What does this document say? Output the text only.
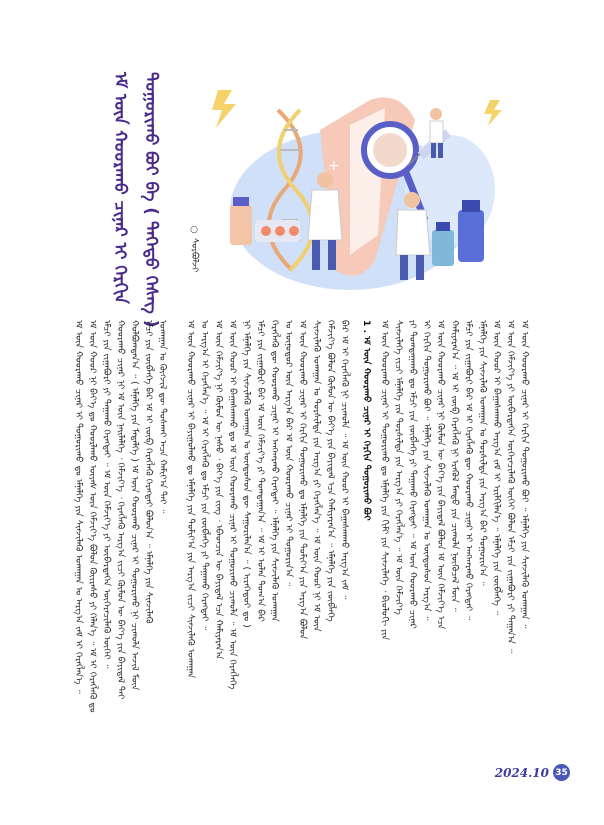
ᠡᠮ ᠦᠨ ᠬᠣᠣᠷᠠᠬᠤ ᠴᠢᠨᠠᠷ ᠢ ᠬᠡᠷᠬᠢᠨ ᠲᠤᠭᠤᠷᠢᠬᠤ ᠪᠤᠢ ᠪᠡ ( ᠳᠡᠭᠡᠳᠦ ᠬᠡᠰᠡᠭ )	○ ᠰᠤᠷᠪᠤᠯᠵᠢ
+
ᠡᠮ ᠦᠨ ᠬᠣᠣᠷᠠᠬᠤ ᠴᠢᠨᠠᠷ ᠢ ᠲᠣᠭᠣᠷᠢᠬᠤ ᠳᠤ ᠡᠮᠨᠡᠯᠭᠡ ᠶᠢᠨ ᠰᠢᠨᠵᠢᠯᠡᠬᠦ ᠤᠬᠠᠭᠠᠨ ᠤ ᠠᠷᠭ᠎ᠠ ᠵᠠᠮ ᠢ ᠬᠡᠷᠡᠭᠯᠡᠨ᠎ᠡ ᠃ ᠡᠮ ᠦᠨ ᠬᠣᠣᠷ ᠨᠢ ᠪᠡᠶ᠎ᠡ ᠳᠤ ᠬᠣᠣᠷᠯᠠᠬᠤ ᠦᠶᠡᠰ ᠦᠨ ᠬᠡᠮᠵᠢᠶ᠎ᠡ ᠪᠣᠯᠤᠨ ᠬᠦᠢᠷᠡᠰᠦ ᠶᠢ ᠬᠡᠯᠡᠨ᠎ᠡ ᠃ ᠡᠮ ᠢ ᠬᠡᠷᠡᠭᠯᠡᠬᠦ ᠳᠤ ᠡᠮᠴᠢ ᠶᠢᠨ ᠵᠢᠭᠠᠪᠤᠷᠢ ᠶᠢ ᠳᠠᠭᠠᠬᠤ ᠬᠡᠷᠡᠭᠳᠡᠢ ᠃ ᠡᠮ ᠦᠨ ᠬᠡᠮᠵᠢᠶ᠎ᠡ ᠶᠢ ᠥᠪᠡᠷᠲᠡᠭᠡᠨ ᠥᠭᠡᠷᠡᠴᠢᠯᠡᠬᠦ ᠦᠭᠡᠢ ᠃ ᠬᠣᠣᠷᠠᠬᠤ ᠴᠢᠨᠠᠷ ᠨᠢ ᠡᠮ ᠦᠨ ᠨᠡᠢᠯᠡᠯᠭᠡ ᠂ ᠬᠡᠮᠵᠢᠶ᠎ᠡ ᠂ ᠬᠡᠷᠡᠭᠯᠡᠬᠦ ᠠᠷᠭ᠎ᠠ ᠵᠢᠴᠢ ᠬᠦᠮᠦᠨ ᠦ ᠪᠡᠶ᠎ᠡ ᠶᠢᠨ ᠪᠠᠶᠢᠳᠠᠯ ᠲᠠᠢ ᠬᠣᠯᠪᠣᠭᠳᠠᠨ᠎ᠠ ᠃ ( ᠡᠮᠨᠡᠯᠭᠡ ᠶᠢᠨ ᠮᠡᠳᠡᠯᠭᠡ ) ᠡᠮ ᠦᠨ ᠬᠣᠣᠷᠠᠬᠤ ᠴᠢᠨᠠᠷ ᠢ ᠲᠣᠭᠣᠷᠢᠬᠤ ᠨᠢ ᠴᠢᠬᠤᠯᠠ ᠠᠵᠢᠯ ᠮᠥᠨ ᠡᠮᠴᠢ ᠶᠢᠨ ᠵᠥᠪᠯᠡᠭᠡ ᠪᠡᠷ ᠡᠮ ᠢ ᠵᠥᠪ ᠬᠡᠷᠡᠭᠯᠡᠬᠦ ᠬᠡᠷᠡᠭᠲᠡᠢ ᠪᠣᠯᠤᠨ᠎ᠠ ᠃ ᠡᠮᠨᠡᠯᠭᠡ ᠶᠢᠨ ᠰᠢᠨᠵᠢᠯᠡᠬᠦ ᠤᠬᠠᠭᠠᠨ ᠤ ᠬᠥᠭᠵᠢᠯ ᠳᠦ ᠲᠤᠰᠬᠠᠢ ᠠᠴᠠ ᠬᠠᠮᠢᠶ᠎ᠠ ᠲᠠᠢ ᠃ ᠡᠮ ᠦᠨ ᠬᠣᠣᠷᠠᠬᠤ ᠴᠢᠨᠠᠷ ᠢ ᠪᠠᠶᠢᠭᠤᠯᠬᠤ ᠳᠤ ᠡᠮᠨᠡᠯᠭᠡ ᠶᠢᠨ ᠲᠣᠮᠢᠶ᠎ᠠ ᠶᠢᠨ ᠠᠷᠭ᠎ᠠ ᠵᠢᠴᠢ ᠰᠢᠨᠵᠢᠯᠡᠬᠦ ᠤᠬᠠᠭᠠᠨ ᠤ ᠠᠷᠭ᠎ᠠ ᠢ ᠬᠡᠷᠡᠭᠯᠡᠨ᠎ᠡ ᠃ ᠡᠮ ᠢ ᠬᠡᠷᠡᠭᠯᠡᠬᠦ ᠳᠤ ᠡᠮᠴᠢ ᠶᠢᠨ ᠵᠥᠪᠯᠡᠭᠡ ᠶᠢ ᠳᠠᠭᠠᠬᠤ ᠬᠡᠷᠡᠭᠲᠡᠢ ᠃ ᠡᠮ ᠦᠨ ᠬᠡᠮᠵᠢᠶ᠎ᠡ ᠨᠢ ᠬᠦᠮᠦᠨ ᠦ ᠨᠠᠰᠤ ᠂ ᠪᠡᠶ᠎ᠡ ᠶᠢᠨ ᠵᠢᠩ ᠂ ᠡᠪᠡᠳᠴᠢᠨ ᠦ ᠪᠠᠶᠢᠳᠠᠯ ᠡᠴᠡ ᠬᠠᠮᠢᠶᠠᠷᠠᠨ᠎ᠠ ᠡᠮ ᠦᠨ ᠬᠣᠣᠷ ᠢ ᠪᠠᠭᠠᠰᠭᠠᠬᠤ ᠳᠤ ᠡᠮ ᠦᠨ ᠬᠣᠣᠷᠠᠬᠤ ᠴᠢᠨᠠᠷ ᠢ ᠲᠣᠭᠣᠷᠢᠬᠤ ᠴᠢᠬᠤᠯᠠ ᠃ ᠡᠮ ᠦᠨ ᠬᠡᠷᠡᠭᠯᠡᠭᠡ ᠨᠢ ᠡᠮᠨᠡᠯᠭᠡ ᠶᠢᠨ ᠰᠢᠨᠵᠢᠯᠡᠬᠦ ᠤᠬᠠᠭᠠᠨ ᠤ ᠦᠨᠳᠦᠰᠦᠨ ᠳᠦ ᠰᠠᠭᠤᠷᠢᠯᠠᠨ᠎ᠠ ᠃ ( ᠢᠷᠡᠭᠡᠳᠦᠢ ᠳᠤ ) ᠡᠮᠴᠢ ᠶᠢᠨ ᠵᠢᠭᠠᠪᠤᠷᠢ ᠪᠡᠷ ᠡᠮ ᠦᠨ ᠬᠡᠮᠵᠢᠶ᠎ᠡ ᠶᠢ ᠲᠣᠭᠲᠠᠭᠠᠨ᠎ᠠ ᠃ ᠡᠮ ᠢ ᠣᠯᠠᠨ ᠲᠣᠭ᠎ᠠ ᠪᠠᠷ ᠬᠡᠷᠡᠭᠯᠡᠬᠦ ᠳᠦ ᠬᠣᠣᠷᠠᠬᠤ ᠴᠢᠨᠠᠷ ᠢ ᠠᠩᠬᠠᠷᠬᠤ ᠬᠡᠷᠡᠭᠲᠡᠢ ᠃ ᠡᠮᠨᠡᠯᠭᠡ ᠶᠢᠨ ᠰᠢᠨᠵᠢᠯᠡᠬᠦ ᠤᠬᠠᠭᠠᠨ ᠤ ᠥᠨᠥᠳᠥᠷ ᠦᠨ ᠠᠷᠭ᠎ᠠ ᠪᠠᠷ ᠡᠮ ᠦᠨ ᠬᠣᠣᠷᠠᠬᠤ ᠴᠢᠨᠠᠷ ᠢ ᠲᠣᠭᠣᠷᠢᠨ᠎ᠠ ᠃ ᠡᠮ ᠦᠨ ᠬᠣᠣᠷᠠᠬᠤ ᠴᠢᠨᠠᠷ ᠢ ᠬᠡᠷᠬᠢᠨ ᠲᠣᠭᠣᠷᠢᠬᠤ ᠳᠤ ᠡᠮᠨᠡᠯᠭᠡ ᠶᠢᠨ ᠲᠣᠮᠢᠶ᠎ᠠ ᠶᠢᠨ ᠠᠷᠭ᠎ᠠ ᠪᠣᠯᠤᠨ ᠰᠢᠨᠵᠢᠯᠡᠬᠦ ᠤᠬᠠᠭᠠᠨ ᠤ ᠲᠤᠷᠰᠢᠯᠲᠠ ᠶᠢᠨ ᠠᠷᠭ᠎ᠠ ᠶᠢ ᠬᠡᠷᠡᠭᠯᠡᠨ᠎ᠡ ᠃ ᠡᠮ ᠦᠨ ᠬᠣᠣᠷ ᠨᠢ ᠡᠮ ᠦᠨ ᠬᠡᠮᠵᠢᠶ᠎ᠡ ᠪᠣᠯᠤᠨ ᠬᠦᠮᠦᠨ ᠦ ᠪᠡᠶ᠎ᠡ ᠶᠢᠨ ᠪᠠᠶᠢᠳᠠᠯ ᠡᠴᠡ ᠬᠠᠮᠢᠶᠠᠷᠠᠨ᠎ᠠ ᠃ ᠡᠮᠨᠡᠯᠭᠡ ᠶᠢᠨ ᠵᠥᠪᠯᠡᠭᠡ ᠪᠡᠷ ᠡᠮ ᠢ ᠬᠡᠷᠡᠭᠯᠡᠬᠦ ᠨᠢ ᠴᠢᠬᠤᠯᠠ ᠃ ᠡᠮ ᠦᠨ ᠬᠣᠣᠷ ᠢ ᠪᠠᠭᠠᠰᠭᠠᠬᠤ ᠠᠷᠭ᠎ᠠ ᠵᠠᠮ ᠃ 1 . ᠡᠮ ᠦᠨ ᠬᠣᠣᠷᠠᠬᠤ ᠴᠢᠨᠠᠷ ᠢ ᠬᠡᠷᠬᠢᠨ ᠲᠤᠭᠤᠷᠢᠬᠤ ᠪᠤᠢ ᠡᠮ ᠦᠨ ᠬᠣᠣᠷᠠᠬᠤ ᠴᠢᠨᠠᠷ ᠢ ᠲᠣᠭᠣᠷᠢᠬᠤ ᠳᠤ ᠡᠮᠨᠡᠯᠭᠡ ᠶᠢᠨ ᠬᠢᠮᠢ ᠶᠢᠨ ᠰᠢᠨᠵᠢᠯᠡᠭᠡ ᠂ ᠪᠢᠣᠯᠣᠭᠢ ᠶᠢᠨ ᠰᠢᠨᠵᠢᠯᠡᠭᠡ ᠵᠢᠴᠢ ᠡᠮᠨᠡᠯᠭᠡ ᠶᠢᠨ ᠲᠤᠷᠰᠢᠯᠲᠠ ᠶᠢᠨ ᠠᠷᠭ᠎ᠠ ᠶᠢ ᠬᠡᠷᠡᠭᠯᠡᠨ᠎ᠡ ᠃ ᠡᠮ ᠦᠨ ᠬᠡᠮᠵᠢᠶ᠎ᠡ ᠶᠢ ᠲᠣᠭᠲᠠᠭᠠᠬᠤ ᠳᠤ ᠡᠮᠴᠢ ᠶᠢᠨ ᠵᠥᠪᠯᠡᠭᠡ ᠶᠢ ᠳᠠᠭᠠᠬᠤ ᠬᠡᠷᠡᠭᠲᠡᠢ ᠃ ᠡᠮ ᠦᠨ ᠬᠣᠣᠷᠠᠬᠤ ᠴᠢᠨᠠᠷ ᠢ ᠬᠡᠷᠬᠢᠨ ᠲᠣᠭᠣᠷᠢᠬᠤ ᠪᠤᠢ ᠃ ᠡᠮᠨᠡᠯᠭᠡ ᠶᠢᠨ ᠰᠢᠨᠵᠢᠯᠡᠬᠦ ᠤᠬᠠᠭᠠᠨ ᠤ ᠦᠨᠳᠦᠰᠦᠨ ᠠᠷᠭ᠎ᠠ ᠃ ᠡᠮ ᠦᠨ ᠬᠣᠣᠷᠠᠬᠤ ᠴᠢᠨᠠᠷ ᠨᠢ ᠬᠦᠮᠦᠨ ᠦ ᠪᠡᠶ᠎ᠡ ᠶᠢᠨ ᠪᠠᠶᠢᠳᠠᠯ ᠪᠣᠯᠤᠨ ᠡᠮ ᠦᠨ ᠬᠡᠮᠵᠢᠶ᠎ᠡ ᠡᠴᠡ ᠬᠠᠮᠢᠶᠠᠷᠠᠨ᠎ᠠ ᠃ ᠡᠮ ᠢ ᠵᠥᠪ ᠬᠡᠷᠡᠭᠯᠡᠬᠦ ᠨᠢ ᠡᠷᠡᠭᠦᠯ ᠮᠡᠨᠳᠦ ᠶᠢᠨ ᠴᠢᠬᠤᠯᠠ ᠨᠥᠬᠦᠴᠡᠯ ᠮᠥᠨ ᠃ ᠡᠮᠴᠢ ᠶᠢᠨ ᠵᠢᠭᠠᠪᠤᠷᠢ ᠪᠡᠷ ᠡᠮ ᠢ ᠬᠡᠷᠡᠭᠯᠡᠬᠦ ᠳᠦ ᠬᠣᠣᠷᠠᠬᠤ ᠴᠢᠨᠠᠷ ᠢ ᠠᠩᠬᠠᠷᠬᠤ ᠬᠡᠷᠡᠭᠲᠡᠢ ᠃ ᠡᠮᠨᠡᠯᠭᠡ ᠶᠢᠨ ᠰᠢᠨᠵᠢᠯᠡᠬᠦ ᠤᠬᠠᠭᠠᠨ ᠤ ᠲᠤᠷᠰᠢᠯᠲᠠ ᠶᠢᠨ ᠠᠷᠭ᠎ᠠ ᠪᠠᠷ ᠲᠣᠭᠣᠷᠢᠨ᠎ᠠ ᠃ ᠡᠮ ᠦᠨ ᠬᠣᠣᠷ ᠢ ᠪᠠᠭᠠᠰᠭᠠᠬᠤ ᠠᠷᠭ᠎ᠠ ᠵᠠᠮ ᠢ ᠡᠷᠢᠯᠬᠢᠯᠡᠨ᠎ᠡ ᠃ ᠡᠮᠨᠡᠯᠭᠡ ᠶᠢᠨ ᠵᠥᠪᠯᠡᠭᠡ ᠃ ᠡᠮ ᠦᠨ ᠬᠡᠮᠵᠢᠶ᠎ᠡ ᠶᠢ ᠥᠪᠡᠷᠲᠡᠭᠡᠨ ᠥᠭᠡᠷᠡᠴᠢᠯᠡᠬᠦ ᠦᠭᠡᠢ ᠪᠣᠯᠤᠨ ᠡᠮᠴᠢ ᠶᠢᠨ ᠵᠢᠭᠠᠪᠤᠷᠢ ᠶᠢ ᠳᠠᠭᠠᠨ᠎ᠠ ᠃ ᠡᠮ ᠦᠨ ᠬᠣᠣᠷᠠᠬᠤ ᠴᠢᠨᠠᠷ ᠢ ᠬᠡᠷᠬᠢᠨ ᠲᠣᠭᠣᠷᠢᠬᠤ ᠪᠤᠢ ᠃ ᠡᠮᠨᠡᠯᠭᠡ ᠶᠢᠨ ᠰᠢᠨᠵᠢᠯᠡᠬᠦ ᠤᠬᠠᠭᠠᠨ ᠃
2024.10 35
